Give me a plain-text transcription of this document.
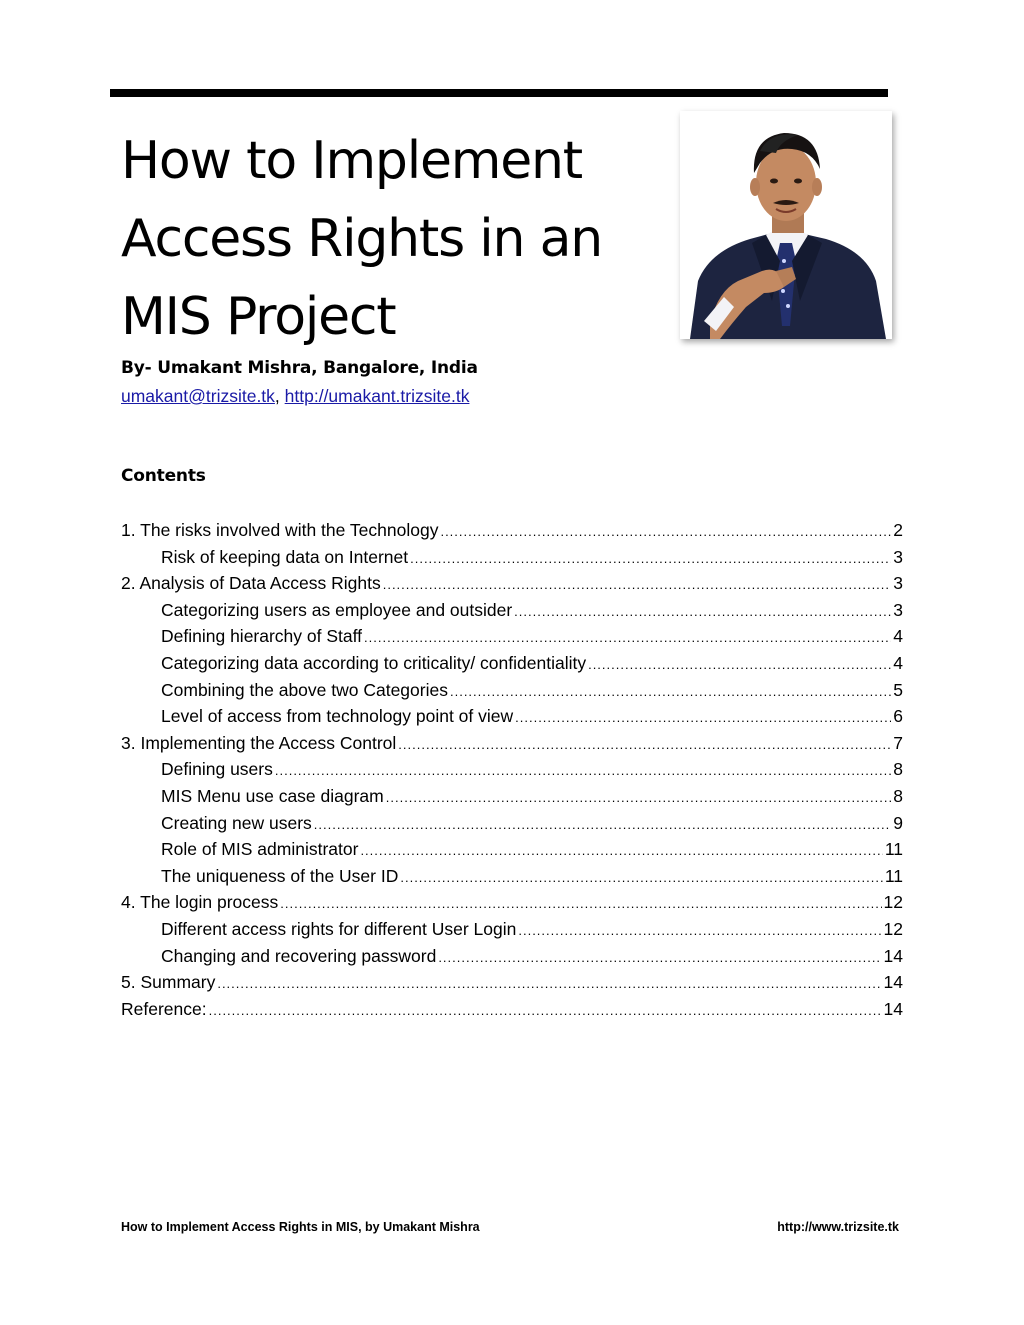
How to Implement
Access Rights in an
MIS Project
By- Umakant Mishra, Bangalore, India
umakant@trizsite.tk, http://umakant.trizsite.tk
Contents
1. The risks involved with the Technology .....	2
Risk of keeping data on Internet .....	3
2. Analysis of Data Access Rights .....	3
Categorizing users as employee and outsider .....	3
Defining hierarchy of Staff .....	4
Categorizing data according to criticality/ confidentiality .....	4
Combining the above two Categories .....	5
Level of access from technology point of view .....	6
3. Implementing the Access Control .....	7
Defining users .....	8
MIS Menu use case diagram .....	8
Creating new users .....	9
Role of MIS administrator .....	11
The uniqueness of the User ID .....	11
4. The login process .....	12
Different access rights for different User Login .....	12
Changing and recovering password .....	14
5. Summary .....	14
Reference: .....	14
How to Implement Access Rights in MIS, by Umakant Mishra	http://www.trizsite.tk
